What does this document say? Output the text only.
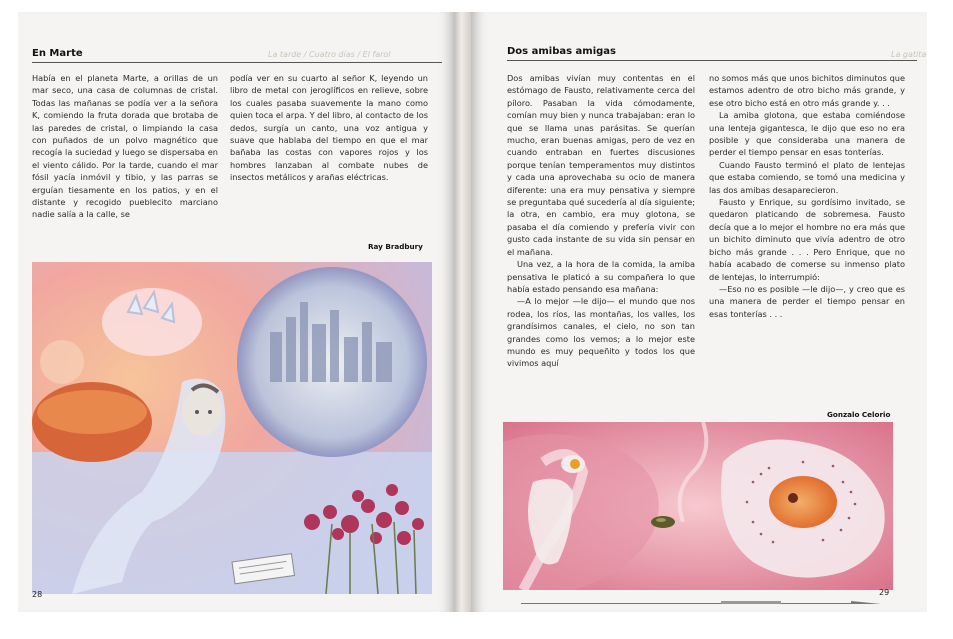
En Marte	La tarde / Cuatro días / El farol

Había en el planeta Marte, a orillas de un mar seco, una casa de columnas de cristal. Todas las mañanas se podía ver a la señora K, comiendo la fruta dorada que brotaba de las paredes de cristal, o limpiando la casa con puñados de un polvo magnético que recogía la suciedad y luego se dispersaba en el viento cálido. Por la tarde, cuando el mar fósil yacía inmóvil y tibio, y las parras se erguían tiesamente en los patios, y en el distante y recogido pueblecito marciano nadie salía a la calle, se

podía ver en su cuarto al señor K, leyendo un libro de metal con jeroglíficos en relieve, sobre los cuales pasaba suavemente la mano como quien toca el arpa. Y del libro, al contacto de los dedos, surgía un canto, una voz antigua y suave que hablaba del tiempo en que el mar bañaba las costas con vapores rojos y los hombres lanzaban al combate nubes de insectos metálicos y arañas eléctricas.

Ray Bradbury
28
Dos amibas amigas	La gatita

Dos amibas vivían muy contentas en el estómago de Fausto, relativamente cerca del píloro. Pasaban la vida cómodamente, comían muy bien y nunca trabajaban: eran lo que se llama unas parásitas. Se querían mucho, eran buenas amigas, pero de vez en cuando entraban en fuertes discusiones porque tenían temperamentos muy distintos y cada una aprovechaba su ocio de manera diferente: una era muy pensativa y siempre se preguntaba qué sucedería al día siguiente; la otra, en cambio, era muy glotona, se pasaba el día comiendo y prefería vivir con gusto cada instante de su vida sin pensar en el mañana.

Una vez, a la hora de la comida, la amiba pensativa le platicó a su compañera lo que había estado pensando esa mañana:

—A lo mejor —le dijo— el mundo que nos rodea, los ríos, las montañas, los valles, los grandísimos canales, el cielo, no son tan grandes como los vemos; a lo mejor este mundo es muy pequeñito y todos los que vivimos aquí

no somos más que unos bichitos diminutos que estamos adentro de otro bicho más grande, y ese otro bicho está en otro más grande y. . .

La amiba glotona, que estaba comiéndose una lenteja gigantesca, le dijo que eso no era posible y que consideraba una manera de perder el tiempo pensar en esas tonterías.

Cuando Fausto terminó el plato de lentejas que estaba comiendo, se tomó una medicina y las dos amibas desaparecieron.

Fausto y Enrique, su gordísimo invitado, se quedaron platicando de sobremesa. Fausto decía que a lo mejor el hombre no era más que un bichito diminuto que vivía adentro de otro bicho más grande . . . Pero Enrique, que no había acabado de comerse su inmenso plato de lentejas, lo interrumpió:

—Eso no es posible —le dijo—, y creo que es una manera de perder el tiempo pensar en esas tonterías . . .

Gonzalo Celorio
29
